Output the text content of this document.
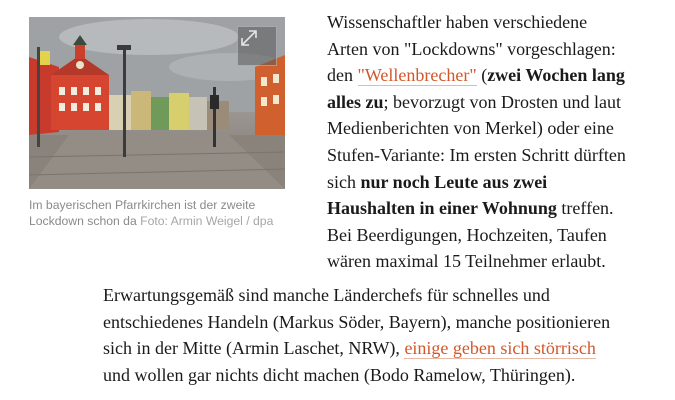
Im bayerischen Pfarrkirchen ist der zweite Lockdown schon da Foto: Armin Weigel / dpa

Wissenschaftler haben verschiedene
Arten von "Lockdowns" vorgeschlagen:
den "Wellenbrecher" (zwei Wochen lang
alles zu; bevorzugt von Drosten und laut
Medienberichten von Merkel) oder eine
Stufen-Variante: Im ersten Schritt dürften
sich nur noch Leute aus zwei
Haushalten in einer Wohnung treffen.
Bei Beerdigungen, Hochzeiten, Taufen
wären maximal 15 Teilnehmer erlaubt.

Erwartungsgemäß sind manche Länderchefs für schnelles und
entschiedenes Handeln (Markus Söder, Bayern), manche positionieren
sich in der Mitte (Armin Laschet, NRW), einige geben sich störrisch
und wollen gar nichts dicht machen (Bodo Ramelow, Thüringen).
